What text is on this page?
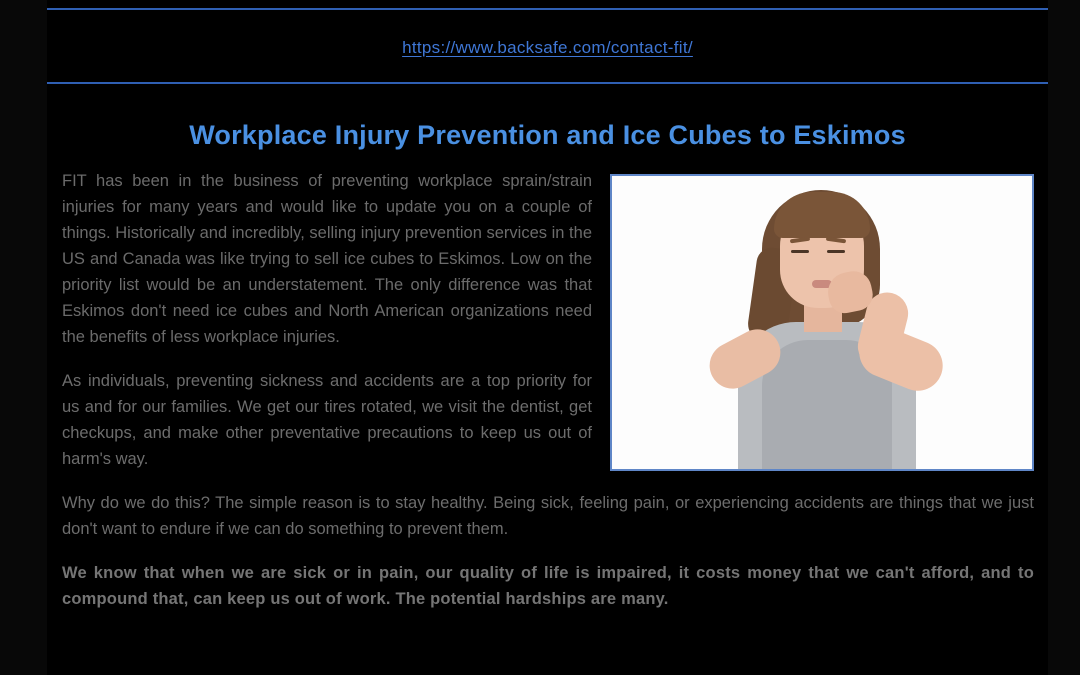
https://www.backsafe.com/contact-fit/
Workplace Injury Prevention and Ice Cubes to Eskimos

FIT has been in the business of preventing workplace sprain/strain injuries for many years and would like to update you on a couple of things. Historically and incredibly, selling injury prevention services in the US and Canada was like trying to sell ice cubes to Eskimos. Low on the priority list would be an understatement. The only difference was that Eskimos don't need ice cubes and North American organizations need the benefits of less workplace injuries.

As individuals, preventing sickness and accidents are a top priority for us and for our families. We get our tires rotated, we visit the dentist, get checkups, and make other preventative precautions to keep us out of harm's way.

Why do we do this? The simple reason is to stay healthy. Being sick, feeling pain, or experiencing accidents are things that we just don't want to endure if we can do something to prevent them.

We know that when we are sick or in pain, our quality of life is impaired, it costs money that we can't afford, and to compound that, can keep us out of work. The potential hardships are many.
